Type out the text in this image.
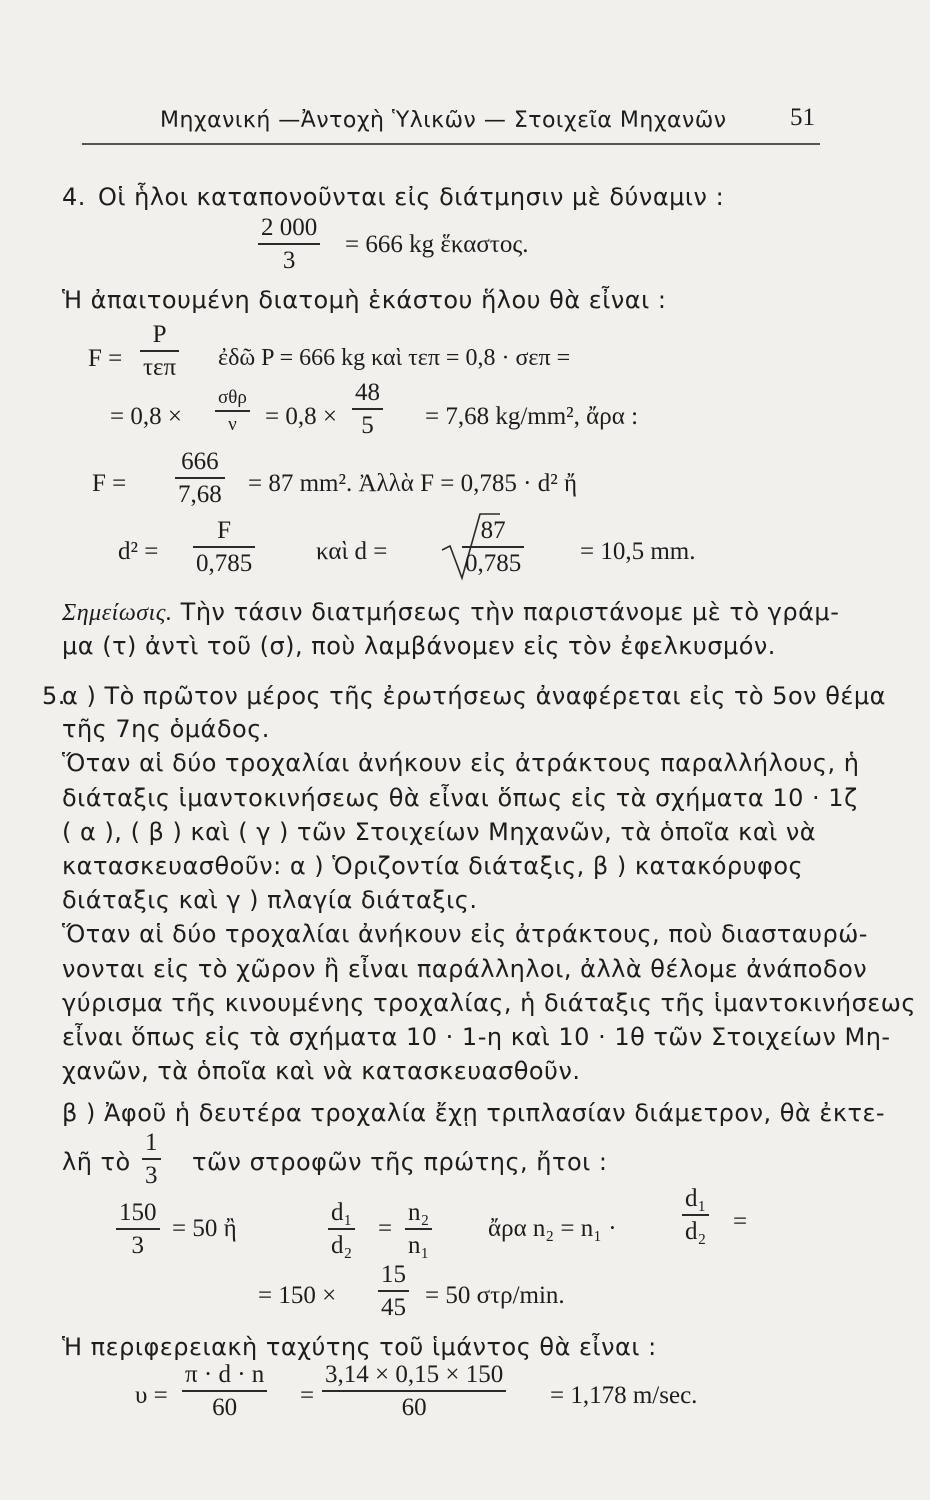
Μηχανική —Ἀντοχὴ Ὑλικῶν — Στοιχεῖα Μηχανῶν	51
4. Οἱ ἧλοι καταπονοῦνται εἰς διάτμησιν μὲ δύναμιν :
2 000
3
= 666 kg ἕκαστος.
Ἡ ἀπαιτουμένη διατομὴ ἑκάστου ἥλου θὰ εἶναι :
F =
P
τεπ ἐδῶ P = 666 kg καὶ τεπ = 0,8 · σεπ =
= 0,8 ×
σθρ
ν = 0,8 ×
48
5 = 7,68 kg/mm², ἄρα :
F =
666
7,68 = 87 mm². Ἀλλὰ F = 0,785 · d² ἤ
d² =
F
0,785	καὶ d =
87
0,785 = 10,5 mm.
Σημείωσις. Τὴν τάσιν διατμήσεως τὴν παριστάνομε μὲ τὸ γράμ-
μα (τ) ἀντὶ τοῦ (σ), ποὺ λαμβάνομεν εἰς τὸν ἐφελκυσμόν.
5.
α ) Τὸ πρῶτον μέρος τῆς ἐρωτήσεως ἀναφέρεται εἰς τὸ 5ον θέμα
τῆς 7ης ὁμάδος.
Ὅταν αἱ δύο τροχαλίαι ἀνήκουν εἰς ἀτράκτους παραλλήλους, ἡ
διάταξις ἱμαντοκινήσεως θὰ εἶναι ὅπως εἰς τὰ σχήματα 10 · 1ζ
( α ), ( β ) καὶ ( γ ) τῶν Στοιχείων Μηχανῶν, τὰ ὁποῖα καὶ νὰ
κατασκευασθοῦν: α ) Ὁριζοντία διάταξις, β ) κατακόρυφος
διάταξις καὶ γ ) πλαγία διάταξις.
Ὅταν αἱ δύο τροχαλίαι ἀνήκουν εἰς ἀτράκτους, ποὺ διασταυρώ-
νονται εἰς τὸ χῶρον ἢ εἶναι παράλληλοι, ἀλλὰ θέλομε ἀνάποδον
γύρισμα τῆς κινουμένης τροχαλίας, ἡ διάταξις τῆς ἱμαντοκινήσεως
εἶναι ὅπως εἰς τὰ σχήματα 10 · 1-η καὶ 10 · 1θ τῶν Στοιχείων Μη-
χανῶν, τὰ ὁποῖα καὶ νὰ κατασκευασθοῦν.
β ) Ἀφοῦ ἡ δευτέρα τροχαλία ἔχῃ τριπλασίαν διάμετρον, θὰ ἐκτε-
λῆ τὸ
1
3 τῶν στροφῶν τῆς πρώτης, ἤτοι :
150
3
= 50 ἢ
d₁
d₂
=
n₂
n₁
ἄρα n₂ = n₁ ·
d₁
d₂ =
= 150 ×
15
45 = 50 στρ/min.
Ἡ περιφερειακὴ ταχύτης τοῦ ἱμάντος θὰ εἶναι :
υ =
π · d · n
60	=
3,14 × 0,15 × 150
60	= 1,178 m/sec.
